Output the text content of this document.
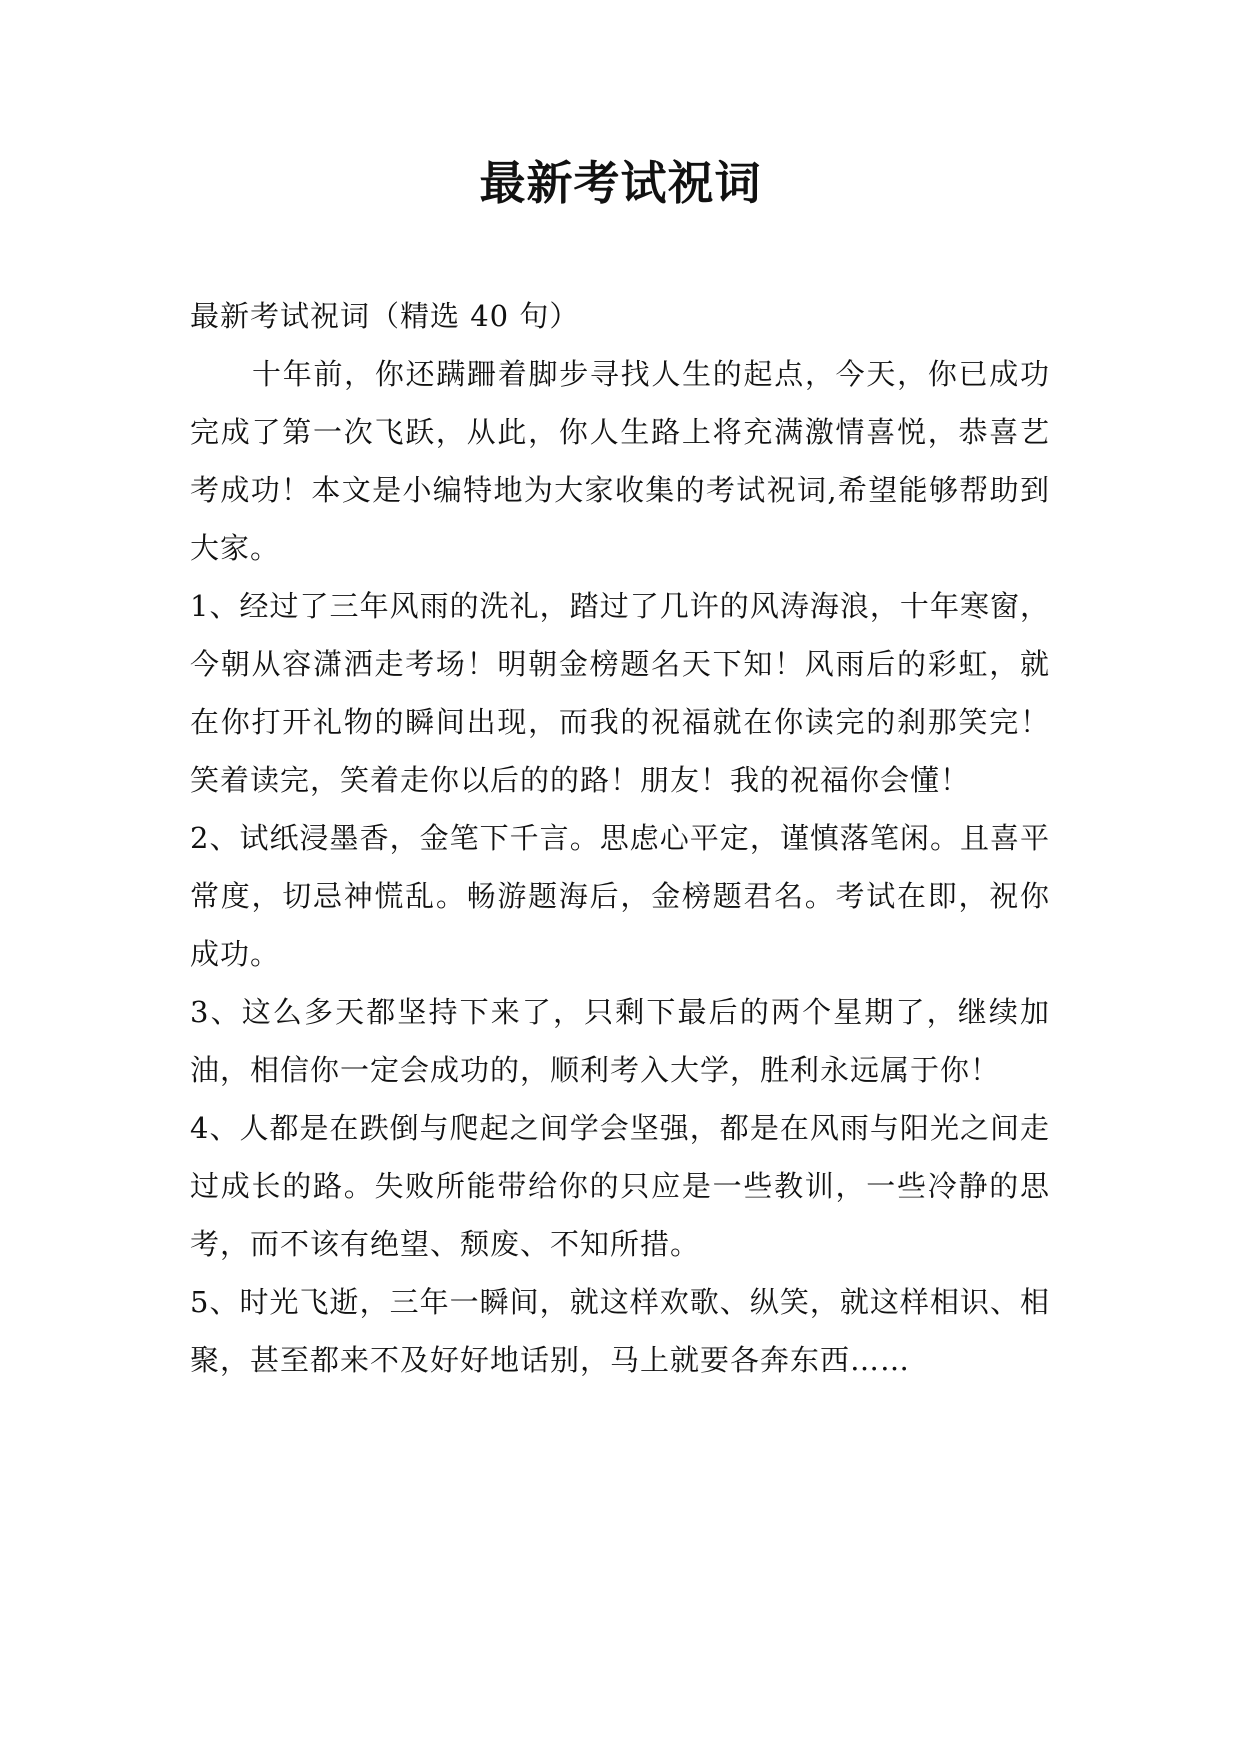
最新考试祝词

最新考试祝词（精选 40 句）

十年前，你还蹒跚着脚步寻找人生的起点，今天，你已成功完成了第一次飞跃，从此，你人生路上将充满激情喜悦，恭喜艺考成功！本文是小编特地为大家收集的考试祝词,希望能够帮助到大家。

1、经过了三年风雨的洗礼，踏过了几许的风涛海浪，十年寒窗，今朝从容潇洒走考场！明朝金榜题名天下知！风雨后的彩虹，就在你打开礼物的瞬间出现，而我的祝福就在你读完的刹那笑完！笑着读完，笑着走你以后的的路！朋友！我的祝福你会懂！

2、试纸浸墨香，金笔下千言。思虑心平定，谨慎落笔闲。且喜平常度，切忌神慌乱。畅游题海后，金榜题君名。考试在即，祝你成功。

3、这么多天都坚持下来了，只剩下最后的两个星期了，继续加油，相信你一定会成功的，顺利考入大学，胜利永远属于你！

4、人都是在跌倒与爬起之间学会坚强，都是在风雨与阳光之间走过成长的路。失败所能带给你的只应是一些教训，一些冷静的思考，而不该有绝望、颓废、不知所措。

5、时光飞逝，三年一瞬间，就这样欢歌、纵笑，就这样相识、相聚，甚至都来不及好好地话别，马上就要各奔东西……
